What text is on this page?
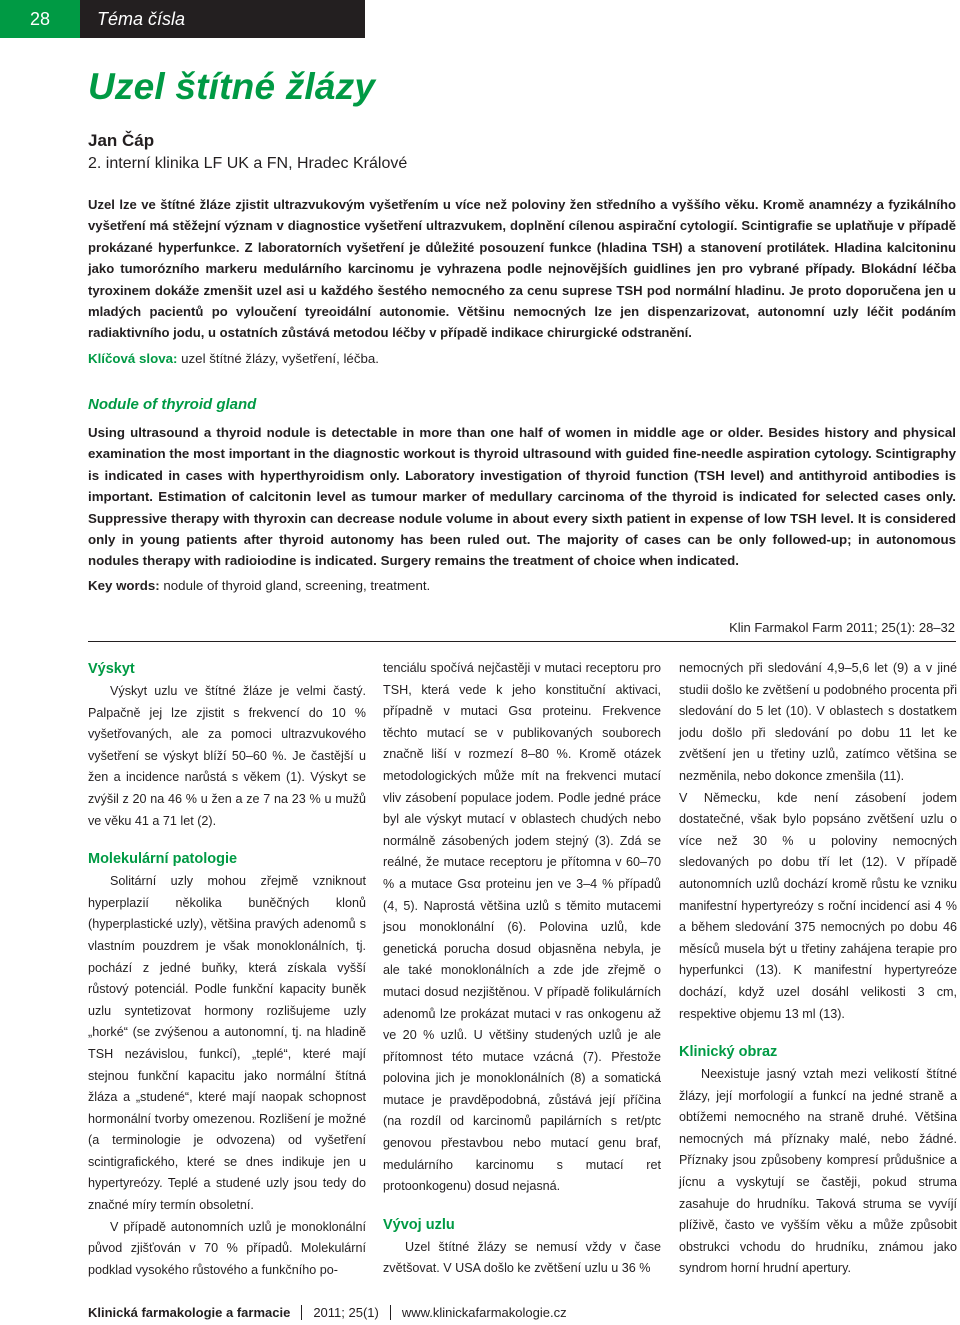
28	Téma čísla
Uzel štítné žlázy
Jan Čáp
2. interní klinika LF UK a FN, Hradec Králové

Uzel lze ve štítné žláze zjistit ultrazvukovým vyšetřením u více než poloviny žen středního a vyššího věku. Kromě anamnézy a fyzikálního vyšetření má stěžejní význam v diagnostice vyšetření ultrazvukem, doplnění cílenou aspirační cytologií. Scintigrafie se uplatňuje v případě prokázané hyperfunkce. Z laboratorních vyšetření je důležité posouzení funkce (hladina TSH) a stanovení protilátek. Hladina kalcitoninu jako tumorózního markeru medulárního karcinomu je vyhrazena podle nejnovějších guidlines jen pro vybrané případy. Blokádní léčba tyroxinem dokáže zmenšit uzel asi u každého šestého nemocného za cenu suprese TSH pod normální hladinu. Je proto doporučena jen u mladých pacientů po vyloučení tyreoidální autonomie. Většinu nemocných lze jen dispenzarizovat, autonomní uzly léčit podáním radiaktivního jodu, u ostatních zůstává metodou léčby v případě indikace chirurgické odstranění.

Klíčová slova: uzel štítné žlázy, vyšetření, léčba.
Nodule of thyroid gland

Using ultrasound a thyroid nodule is detectable in more than one half of women in middle age or older. Besides history and physical examination the most important in the diagnostic workout is thyroid ultrasound with guided fine-needle aspiration cytology. Scintigraphy is indicated in cases with hyperthyroidism only. Laboratory investigation of thyroid function (TSH level) and antithyroid antibodies is important. Estimation of calcitonin level as tumour marker of medullary carcinoma of the thyroid is indicated for selected cases only. Suppressive therapy with thyroxin can decrease nodule volume in about every sixth patient in expense of low TSH level. It is considered only in young patients after thyroid autonomy has been ruled out. The majority of cases can be only followed-up; in autonomous nodules therapy with radioiodine is indicated. Surgery remains the treatment of choice when indicated.

Key words: nodule of thyroid gland, screening, treatment.
Klin Farmakol Farm 2011; 25(1): 28–32
Výskyt

Výskyt uzlu ve štítné žláze je velmi častý. Palpačně jej lze zjistit s frekvencí do 10 % vyšetřovaných, ale za pomoci ultrazvukového vyšetření se výskyt blíží 50–60 %. Je častější u žen a incidence narůstá s věkem (1). Výskyt se zvýšil z 20 na 46 % u žen a ze 7 na 23 % u mužů ve věku 41 a 71 let (2).

Molekulární patologie

Solitární uzly mohou zřejmě vzniknout hyperplazií několika buněčných klonů (hyperplastické uzly), většina pravých adenomů s vlastním pouzdrem je však monoklonálních, tj. pochází z jedné buňky, která získala vyšší růstový potenciál. Podle funkční kapacity buněk uzlu syntetizovat hormony rozlišujeme uzly „horké“ (se zvýšenou a autonomní, tj. na hladině TSH nezávislou, funkcí), „teplé“, které mají stejnou funkční kapacitu jako normální štítná žláza a „studené“, které mají naopak schopnost hormonální tvorby omezenou. Rozlišení je možné (a terminologie je odvozena) od vyšetření scintigrafického, které se dnes indikuje jen u hypertyreózy. Teplé a studené uzly jsou tedy do značné míry termín obsoletní.

V případě autonomních uzlů je monoklonální původ zjišťován v 70 % případů. Molekulární podklad vysokého růstového a funkčního po-

tenciálu spočívá nejčastěji v mutaci receptoru pro TSH, která vede k jeho konstituční aktivaci, případně v mutaci Gsα proteinu. Frekvence těchto mutací se v publikovaných souborech značně liší v rozmezí 8–80 %. Kromě otázek metodologických může mít na frekvenci mutací vliv zásobení populace jodem. Podle jedné práce byl ale výskyt mutací v oblastech chudých nebo normálně zásobených jodem stejný (3). Zdá se reálné, že mutace receptoru je přítomna v 60–70 % a mutace Gsα proteinu jen ve 3–4 % případů (4, 5). Naprostá většina uzlů s těmito mutacemi jsou monoklonální (6). Polovina uzlů, kde genetická porucha dosud objasněna nebyla, je ale také monoklonálních a zde jde zřejmě o mutaci dosud nezjištěnou. V případě folikulárních adenomů lze prokázat mutaci v ras onkogenu až ve 20 % uzlů. U většiny studených uzlů je ale přítomnost této mutace vzácná (7). Přestože polovina jich je monoklonálních (8) a somatická mutace je pravděpodobná, zůstává její příčina (na rozdíl od karcinomů papilárních s ret/ptc genovou přestavbou nebo mutací genu braf, medulárního karcinomu s mutací ret protoonkogenu) dosud nejasná.

Vývoj uzlu

Uzel štítné žlázy se nemusí vždy v čase zvětšovat. V USA došlo ke zvětšení uzlu u 36 %

nemocných při sledování 4,9–5,6 let (9) a v jiné studii došlo ke zvětšení u podobného procenta při sledování do 5 let (10). V oblastech s dostatkem jodu došlo při sledování po dobu 11 let ke zvětšení jen u třetiny uzlů, zatímco většina se nezměnila, nebo dokonce zmenšila (11).

V Německu, kde není zásobení jodem dostatečné, však bylo popsáno zvětšení uzlu o více než 30 % u poloviny nemocných sledovaných po dobu tří let (12). V případě autonomních uzlů dochází kromě růstu ke vzniku manifestní hypertyreózy s roční incidencí asi 4 % a během sledování 375 nemocných po dobu 46 měsíců musela být u třetiny zahájena terapie pro hyperfunkci (13). K manifestní hypertyreóze dochází, když uzel dosáhl velikosti 3 cm, respektive objemu 13 ml (13).

Klinický obraz

Neexistuje jasný vztah mezi velikostí štítné žlázy, její morfologií a funkcí na jedné straně a obtížemi nemocného na straně druhé. Většina nemocných má příznaky malé, nebo žádné. Příznaky jsou způsobeny kompresí průdušnice a jícnu a vyskytují se častěji, pokud struma zasahuje do hrudníku. Taková struma se vyvíjí plíživě, často ve vyšším věku a může způsobit obstrukci vchodu do hrudníku, známou jako syndrom horní hrudní apertury.

Klinická farmakologie a farmacie 2011; 25(1) www.klinickafarmakologie.cz
